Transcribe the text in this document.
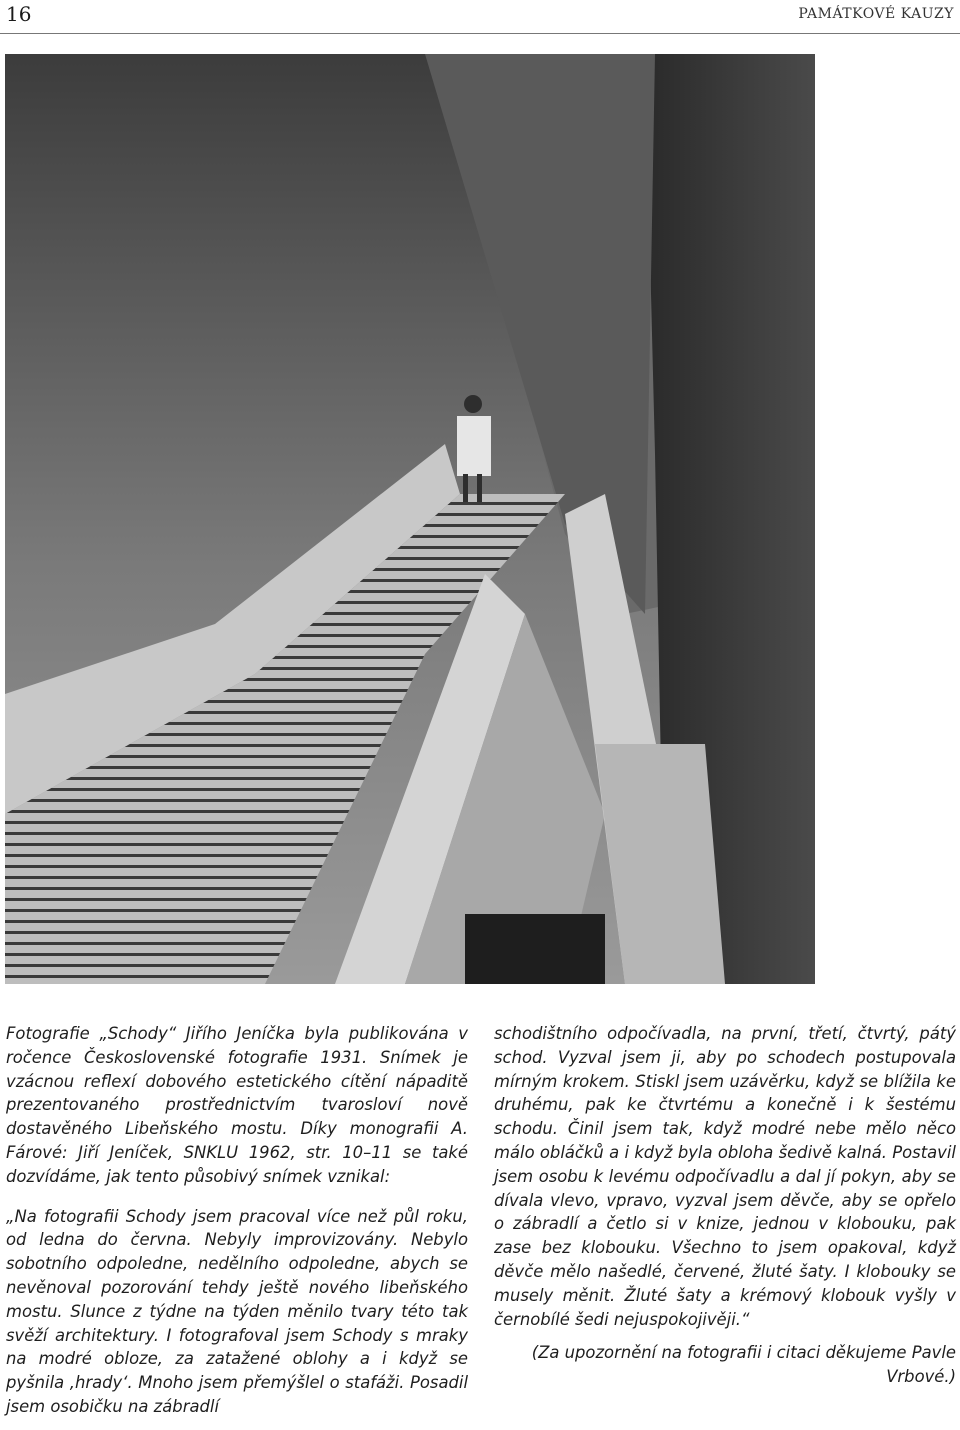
16	PAMÁTKOVÉ KAUZY

Fotografie „Schody“ Jiřího Jeníčka byla publikována v ročence Československé fotografie 1931. Snímek je vzácnou reflexí dobového estetického cítění nápaditě prezentovaného prostřednictvím tvarosloví nově dostavěného Libeňského mostu. Díky monografii A. Fárové: Jiří Jeníček, SNKLU 1962, str. 10–11 se také dozvídáme, jak tento působivý snímek vznikal:

„Na fotografii Schody jsem pracoval více než půl roku, od ledna do června. Nebyly improvizovány. Nebylo sobotního odpoledne, nedělního odpoledne, abych se nevěnoval pozorování tehdy ještě nového libeňského mostu. Slunce z týdne na týden měnilo tvary této tak svěží architektury. I fotografoval jsem Schody s mraky na modré obloze, za zatažené oblohy a i když se pyšnila ‚hrady‘. Mnoho jsem přemýšlel o stafáži. Posadil jsem osobičku na zábradlí

schodištního odpočívadla, na první, třetí, čtvrtý, pátý schod. Vyzval jsem ji, aby po schodech postupovala mírným krokem. Stiskl jsem uzávěrku, když se blížila ke druhému, pak ke čtvrtému a konečně i k šestému schodu. Činil jsem tak, když modré nebe mělo něco málo obláčků a i když byla obloha šedivě kalná. Postavil jsem osobu k levému odpočívadlu a dal jí pokyn, aby se dívala vlevo, vpravo, vyzval jsem děvče, aby se opřelo o zábradlí a četlo si v knize, jednou v klobouku, pak zase bez klobouku. Všechno to jsem opakoval, když děvče mělo našedlé, červené, žluté šaty. I klobouky se musely měnit. Žluté šaty a krémový klobouk vyšly v černobílé šedi nejuspokojivěji.“

(Za upozornění na fotografii i citaci děkujeme Pavle Vrbové.)
